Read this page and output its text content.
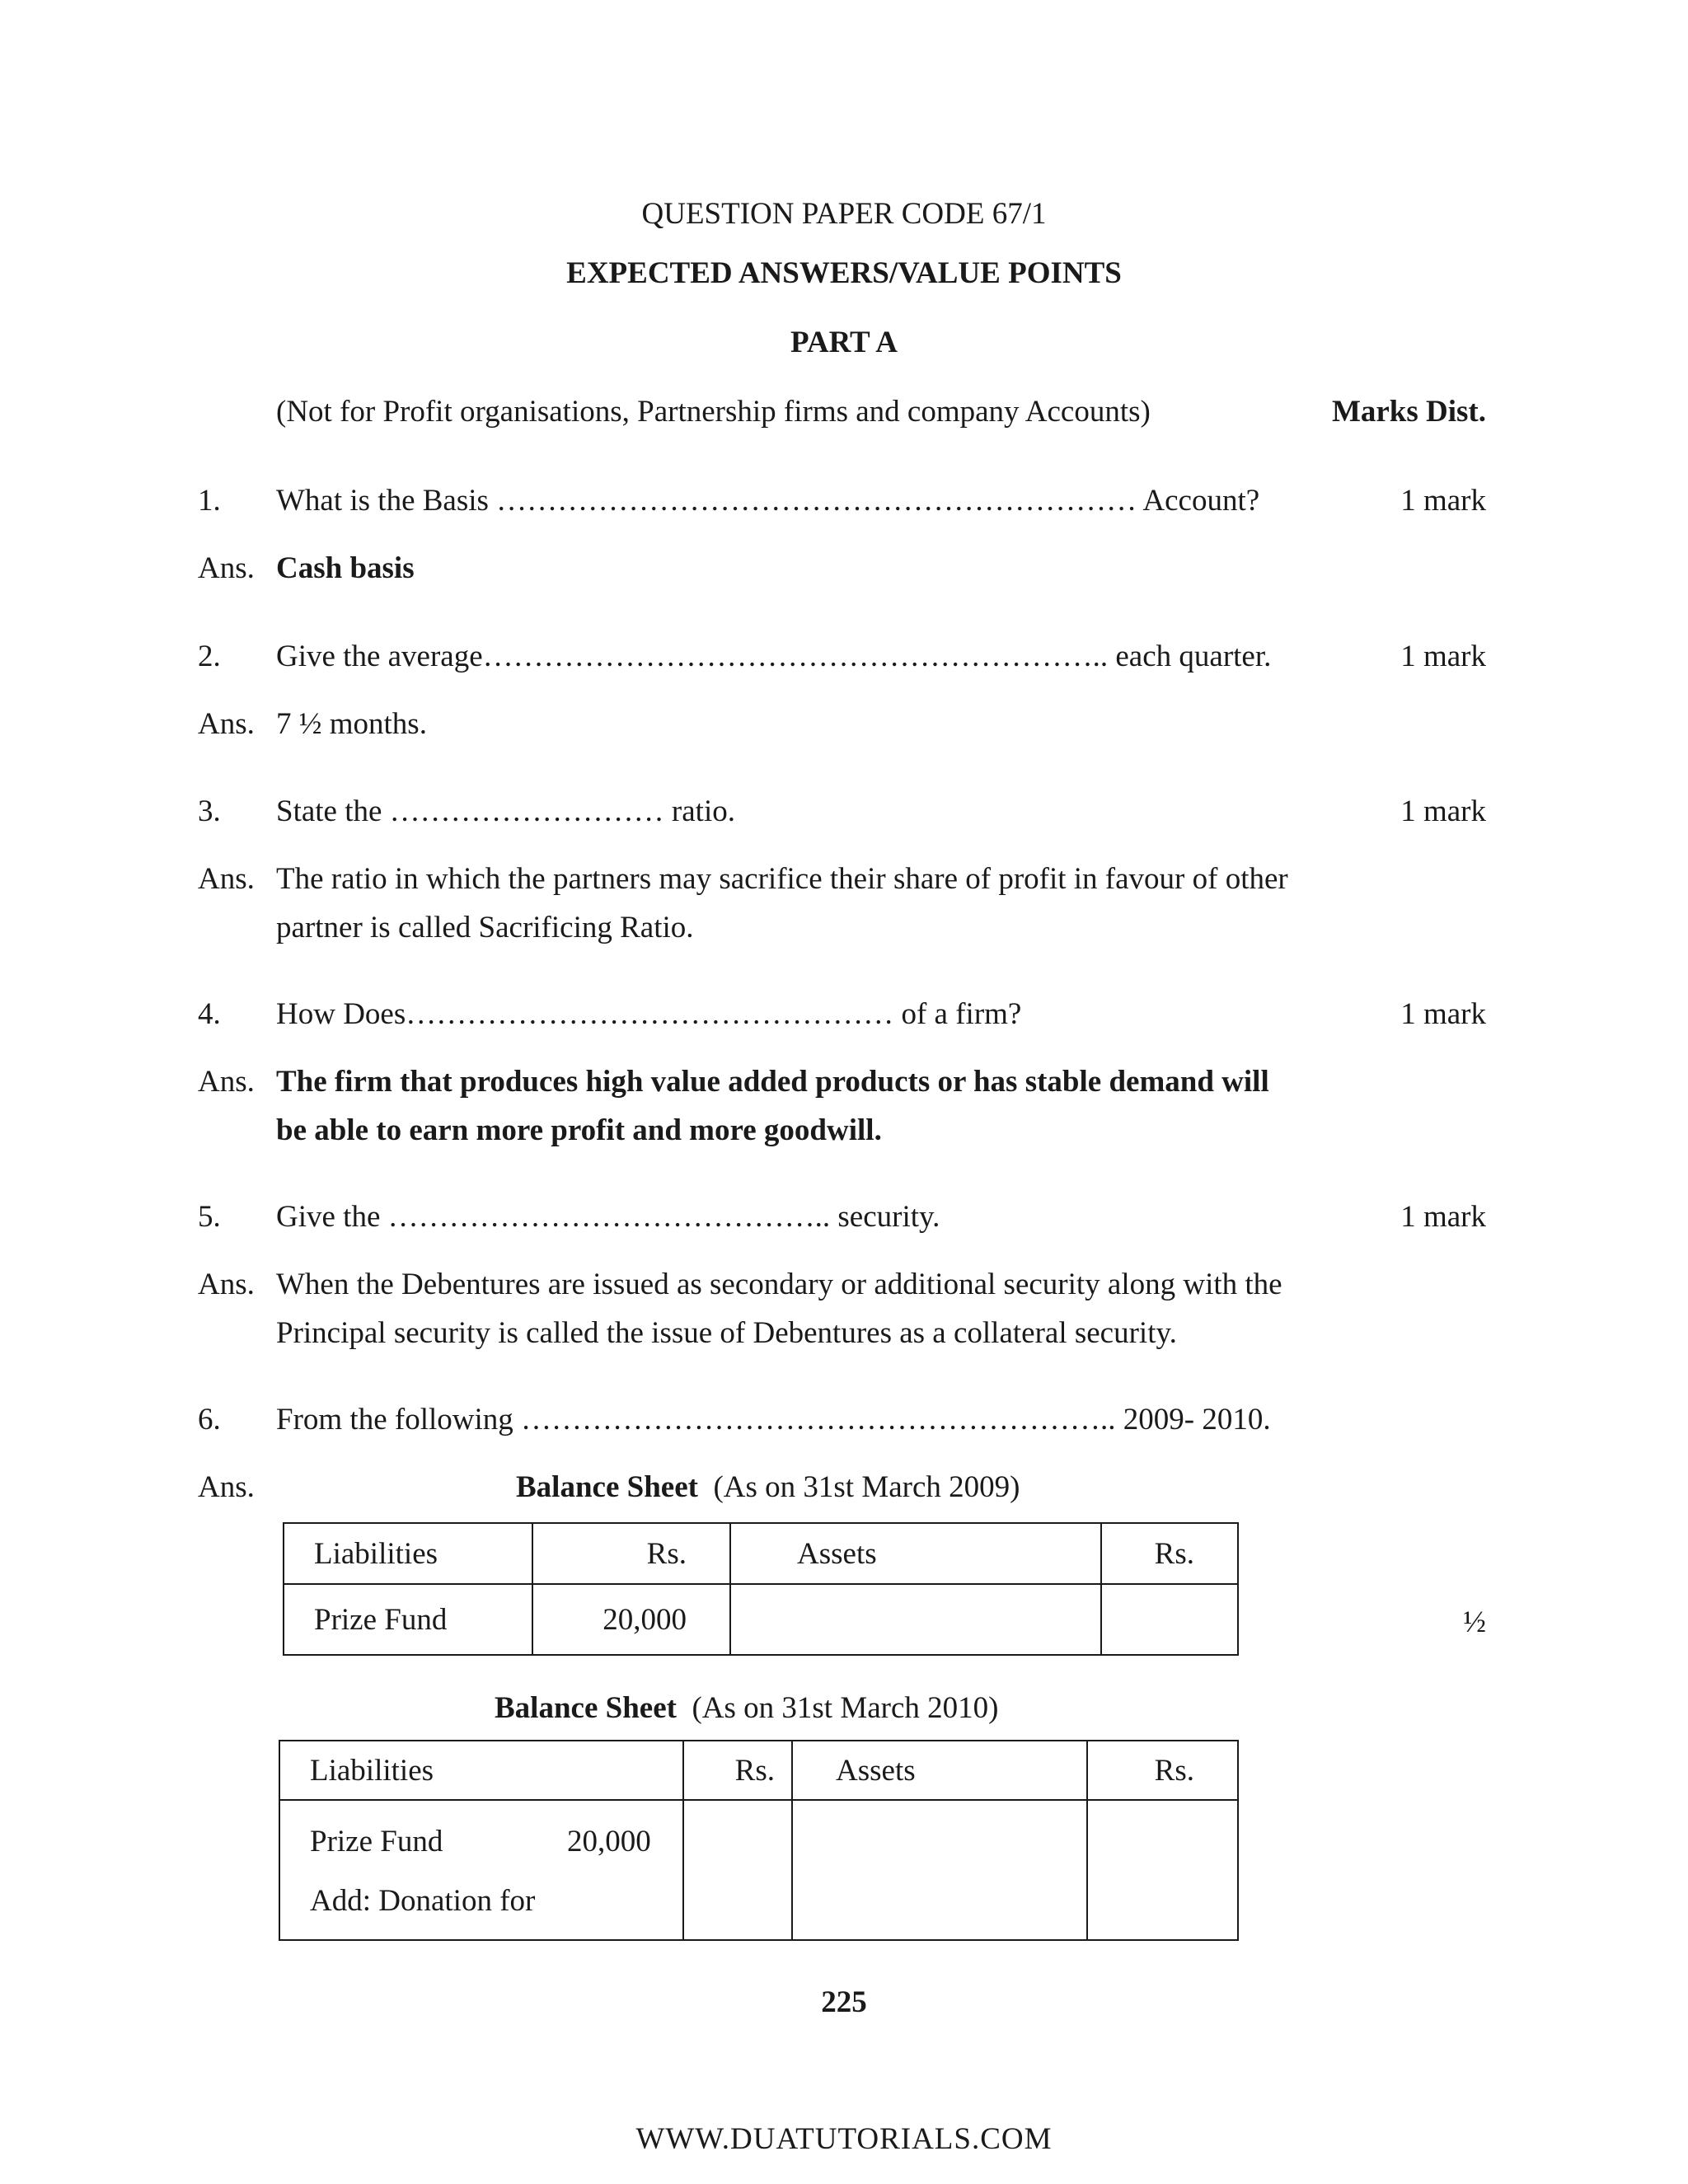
QUESTION PAPER CODE 67/1
EXPECTED ANSWERS/VALUE POINTS
PART A
(Not for Profit organisations, Partnership firms and company Accounts)	Marks Dist.
1. What is the Basis ……………………………………………………… Account?	1 mark
Ans. Cash basis
2. Give the average…………………………………………………….. each quarter.	1 mark
Ans. 7 ½ months.
3. State the ……………………… ratio.	1 mark
Ans. The ratio in which the partners may sacrifice their share of profit in favour of other
partner is called Sacrificing Ratio.
4. How Does………………………………………… of a firm?	1 mark
Ans. The firm that produces high value added products or has stable demand will
be able to earn more profit and more goodwill.
5. Give the …………………………………….. security.	1 mark
Ans. When the Debentures are issued as secondary or additional security along with the
Principal security is called the issue of Debentures as a collateral security.
6. From the following ………………………………………………….. 2009- 2010.
Ans.	Balance Sheet (As on 31st March 2009)
Liabilities	Rs.	Assets	Rs.
Prize Fund	20,000			½
Balance Sheet (As on 31st March 2010)
Liabilities	Rs.	Assets	Rs.

Prize Fund 20,000
Add: Donation for			

225
WWW.DUATUTORIALS.COM
